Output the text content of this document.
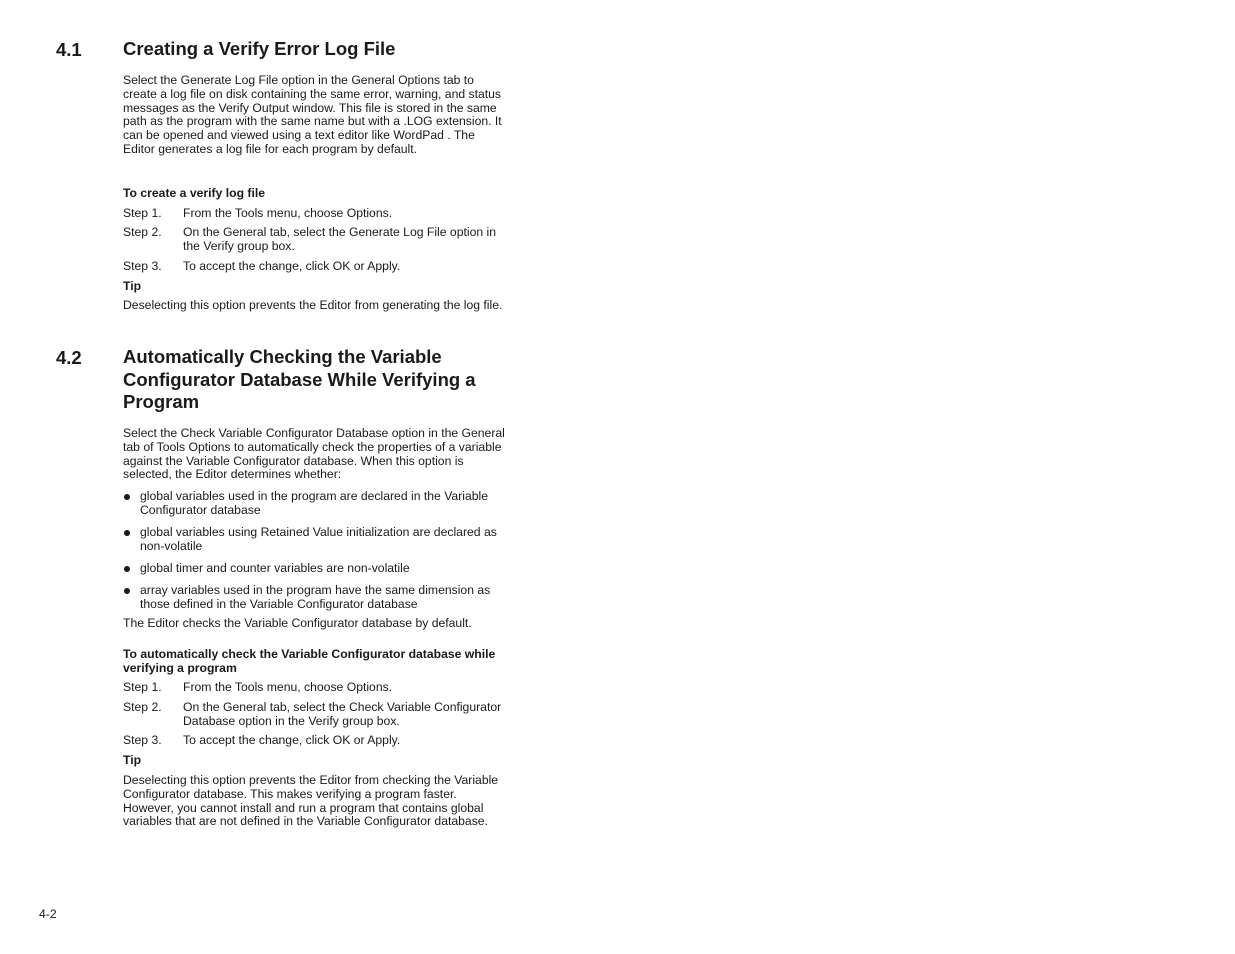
4.1 Creating a Verify Error Log File
Select the Generate Log File option in the General Options tab to create a log file on disk containing the same error, warning, and status messages as the Verify Output window. This file is stored in the same path as the program with the same name but with a .LOG extension. It can be opened and viewed using a text editor like WordPad . The Editor generates a log file for each program by default.
To create a verify log file
Step 1. From the Tools menu, choose Options.
Step 2. On the General tab, select the Generate Log File option in the Verify group box.
Step 3. To accept the change, click OK or Apply.
Tip
Deselecting this option prevents the Editor from generating the log file.
4.2 Automatically Checking the Variable Configurator Database While Verifying a Program
Select the Check Variable Configurator Database option in the General tab of Tools Options to automatically check the properties of a variable against the Variable Configurator database. When this option is selected, the Editor determines whether:
global variables used in the program are declared in the Variable Configurator database
global variables using Retained Value initialization are declared as non-volatile
global timer and counter variables are non-volatile
array variables used in the program have the same dimension as those defined in the Variable Configurator database
The Editor checks the Variable Configurator database by default.
To automatically check the Variable Configurator database while verifying a program
Step 1. From the Tools menu, choose Options.
Step 2. On the General tab, select the Check Variable Configurator Database option in the Verify group box.
Step 3. To accept the change, click OK or Apply.
Tip
Deselecting this option prevents the Editor from checking the Variable Configurator database. This makes verifying a program faster. However, you cannot install and run a program that contains global variables that are not defined in the Variable Configurator database.
4-2
